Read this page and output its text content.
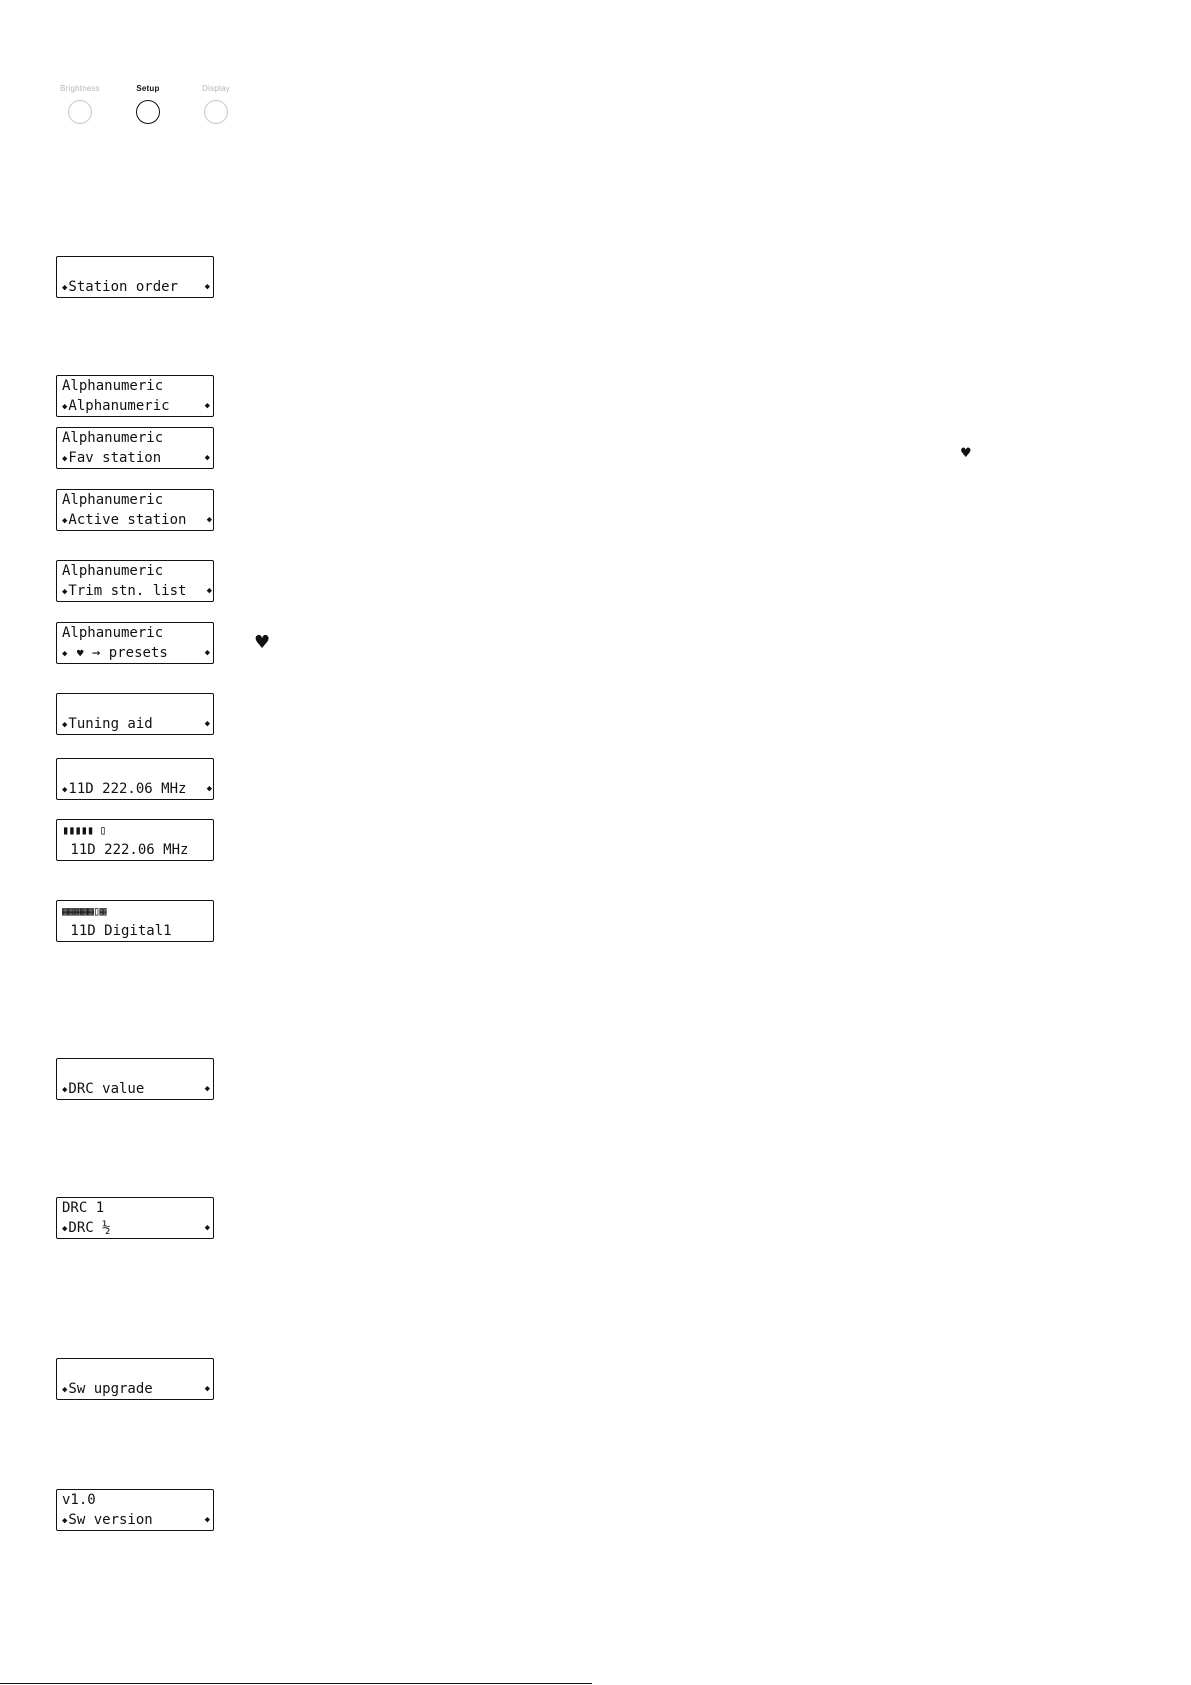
Brightness	Setup	Display
◆Station order	◆
Alphanumeric
◆Alphanumeric	◆
Alphanumeric
◆Fav station	◆	♥
Alphanumeric
◆Active station ◆
Alphanumeric
◆Trim stn. list ◆
Alphanumeric
◆ ♥ → presets	◆ ♥
◆Tuning aid	◆
◆11D 222.06 MHz ◆
▮▮▮▮▮ ▯
11D 222.06 MHz
▦▦▦▦▦▯▦
11D Digital1
◆DRC value	◆
DRC 1
◆DRC ½	◆
◆Sw upgrade	◆
v1.0
◆Sw version	◆
